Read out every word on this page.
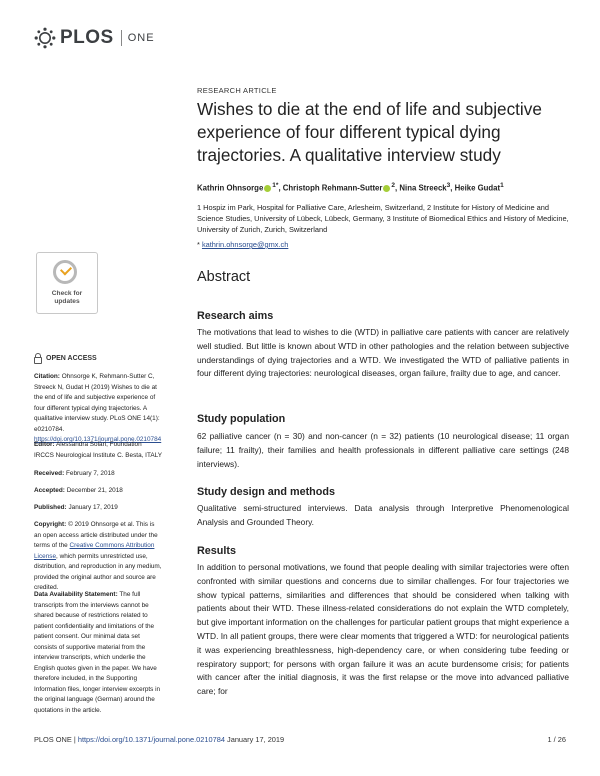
PLOS ONE
RESEARCH ARTICLE
Wishes to die at the end of life and subjective experience of four different typical dying trajectories. A qualitative interview study
Kathrin Ohnsorge $^{1*}$, Christoph Rehmann-Sutter $^2$, Nina Streeck$^3$, Heike Gudat$^1$
1 Hospiz im Park, Hospital for Palliative Care, Arlesheim, Switzerland, 2 Institute for History of Medicine and Science Studies, University of Lübeck, Lübeck, Germany, 3 Institute of Biomedical Ethics and History of Medicine, University of Zurich, Zurich, Switzerland
* kathrin.ohnsorge@gmx.ch
Abstract
Research aims
The motivations that lead to wishes to die (WTD) in palliative care patients with cancer are relatively well studied. But little is known about WTD in other pathologies and the relation between subjective understandings of dying trajectories and a WTD. We investigated the WTD of palliative patients in four different dying trajectories: neurological diseases, organ failure, frailty due to age, and cancer.
Study population
62 palliative cancer (n = 30) and non-cancer (n = 32) patients (10 neurological disease; 11 organ failure; 11 frailty), their families and health professionals in different palliative care settings (248 interviews).
Study design and methods
Qualitative semi-structured interviews. Data analysis through Interpretive Phenomenological Analysis and Grounded Theory.
Results
In addition to personal motivations, we found that people dealing with similar trajectories were often confronted with similar questions and concerns due to similar challenges. For four trajectories we show typical patterns, similarities and differences that should be considered when talking with patients about their WTD. These illness-related considerations do not explain the WTD completely, but give important information on the challenges for particular patient groups that might experience a WTD. In all patient groups, there were clear moments that triggered a WTD: for neurological patients it was experiencing breathlessness, high-dependency care, or when considering tube feeding or respiratory support; for persons with organ failure it was an acute burdensome crisis; for patients with cancer after the initial diagnosis, it was the first relapse or the move into advanced palliative care; for
Check for
updates
OPEN ACCESS
Citation: Ohnsorge K, Rehmann-Sutter C, Streeck N, Gudat H (2019) Wishes to die at the end of life and subjective experience of four different typical dying trajectories. A qualitative interview study. PLoS ONE 14(1): e0210784. https://doi.org/10.1371/journal.pone.0210784
Editor: Alessandra Solari, Foundation IRCCS Neurological Institute C. Besta, ITALY
Received: February 7, 2018
Accepted: December 21, 2018
Published: January 17, 2019
Copyright: © 2019 Ohnsorge et al. This is an open access article distributed under the terms of the Creative Commons Attribution License, which permits unrestricted use, distribution, and reproduction in any medium, provided the original author and source are credited.
Data Availability Statement: The full transcripts from the interviews cannot be shared because of restrictions related to patient confidentiality and limitations of the patient consent. Our minimal data set consists of supportive material from the interview transcripts, which underlie the English quotes given in the paper. We have therefore included, in the Supporting Information files, longer interview excerpts in the original language (German) around the quotations in the article.
PLOS ONE | https://doi.org/10.1371/journal.pone.0210784 January 17, 2019	1 / 26
